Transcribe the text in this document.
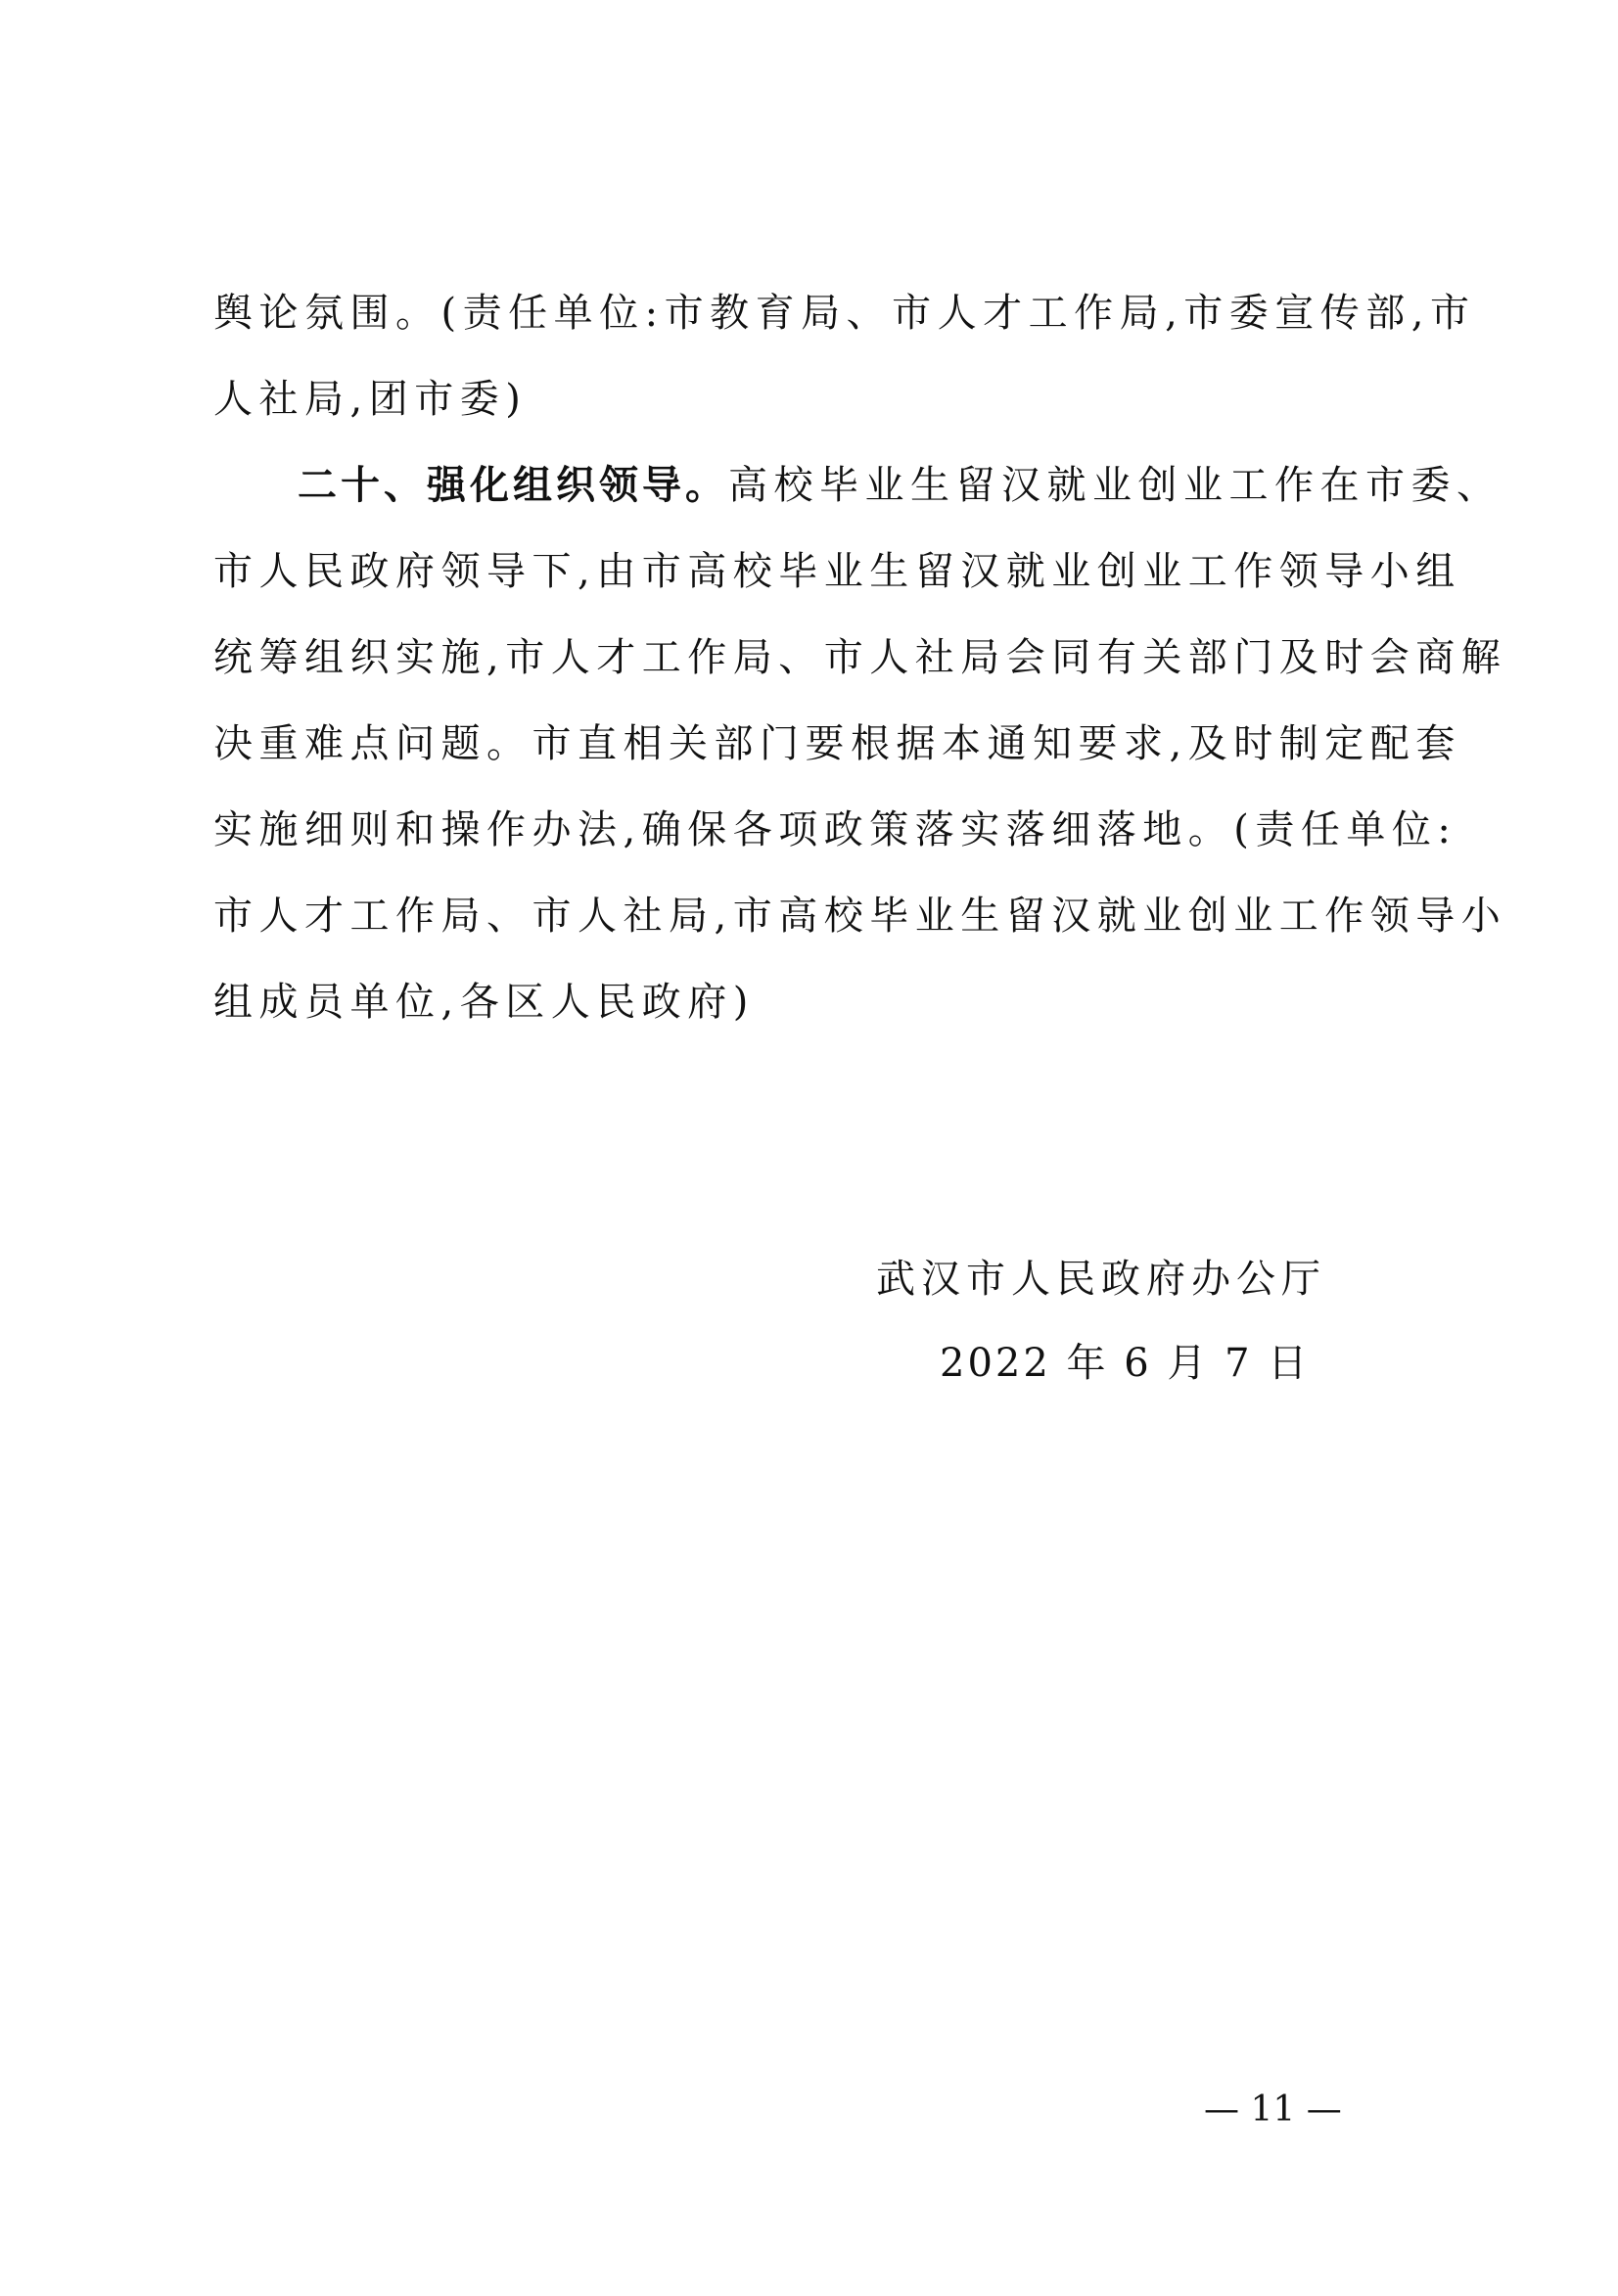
舆论氛围。(责任单位:市教育局、市人才工作局,市委宣传部,市
人社局,团市委)
二十、强化组织领导。高校毕业生留汉就业创业工作在市委、
市人民政府领导下,由市高校毕业生留汉就业创业工作领导小组
统筹组织实施,市人才工作局、市人社局会同有关部门及时会商解
决重难点问题。市直相关部门要根据本通知要求,及时制定配套
实施细则和操作办法,确保各项政策落实落细落地。(责任单位:
市人才工作局、市人社局,市高校毕业生留汉就业创业工作领导小
组成员单位,各区人民政府)
武汉市人民政府办公厅
2022 年 6 月 7 日
— 11 —
